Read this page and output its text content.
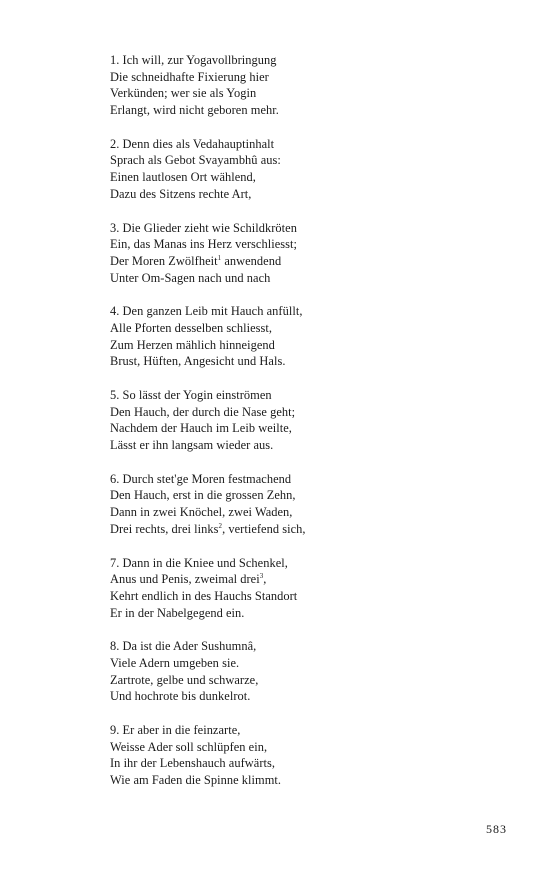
1. Ich will, zur Yogavollbringung
Die schneidhafte Fixierung hier
Verkünden; wer sie als Yogin
Erlangt, wird nicht geboren mehr.
2. Denn dies als Vedahauptinhalt
Sprach als Gebot Svayambhû aus:
Einen lautlosen Ort wählend,
Dazu des Sitzens rechte Art,
3. Die Glieder zieht wie Schildkröten
Ein, das Manas ins Herz verschliesst;
Der Moren Zwölfheit$^1$ anwendend
Unter Om-Sagen nach und nach
4. Den ganzen Leib mit Hauch anfüllt,
Alle Pforten desselben schliesst,
Zum Herzen mählich hinneigend
Brust, Hüften, Angesicht und Hals.
5. So lässt der Yogin einströmen
Den Hauch, der durch die Nase geht;
Nachdem der Hauch im Leib weilte,
Lässt er ihn langsam wieder aus.
6. Durch stet'ge Moren festmachend
Den Hauch, erst in die grossen Zehn,
Dann in zwei Knöchel, zwei Waden,
Drei rechts, drei links$^2$, vertiefend sich,
7. Dann in die Kniee und Schenkel,
Anus und Penis, zweimal drei$^3$,
Kehrt endlich in des Hauchs Standort
Er in der Nabelgegend ein.
8. Da ist die Ader Sushumnâ,
Viele Adern umgeben sie.
Zartrote, gelbe und schwarze,
Und hochrote bis dunkelrot.
9. Er aber in die feinzarte,
Weisse Ader soll schlüpfen ein,
In ihr der Lebenshauch aufwärts,
Wie am Faden die Spinne klimmt.
583
